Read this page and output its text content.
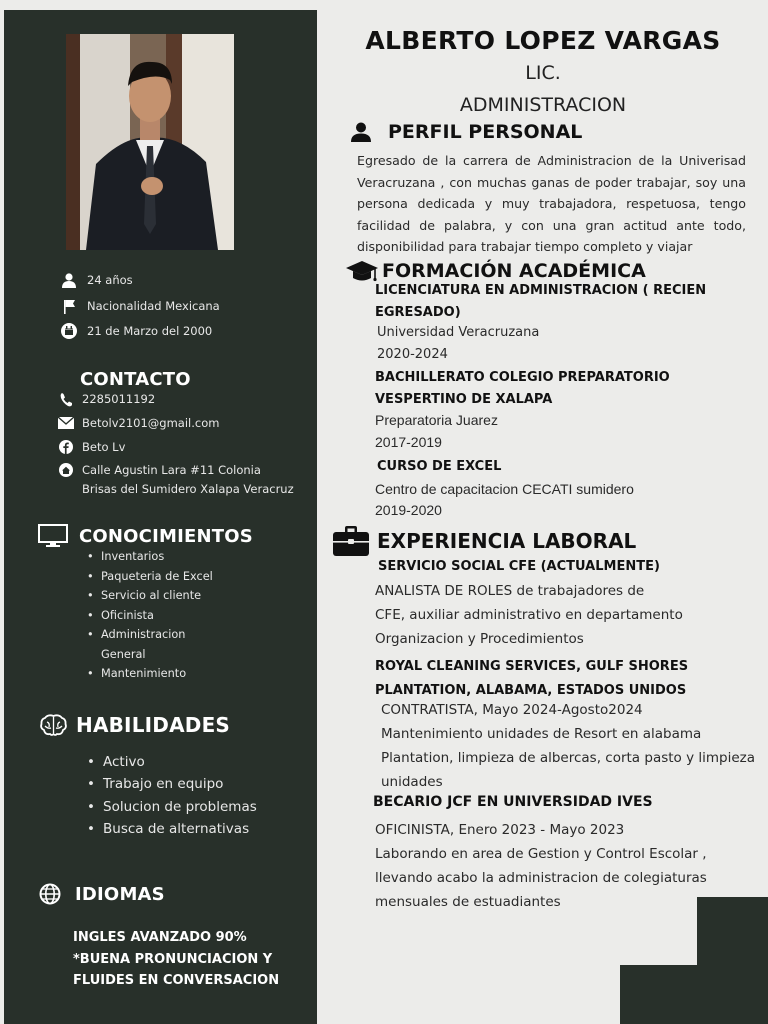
24 años
Nacionalidad Mexicana
21 de Marzo del 2000
CONTACTO
2285011192
Betolv2101@gmail.com
Beto Lv
Calle Agustin Lara #11 Colonia Brisas del Sumidero Xalapa Veracruz
CONOCIMIENTOS
• Inventarios
• Paqueteria de Excel
• Servicio al cliente
• Oficinista
• Administracion General
• Mantenimiento
HABILIDADES
• Activo
• Trabajo en equipo
• Solucion de problemas
• Busca de alternativas
IDIOMAS
INGLES AVANZADO 90%
*BUENA PRONUNCIACION Y FLUIDES EN CONVERSACION
ALBERTO LOPEZ VARGAS
LIC.
ADMINISTRACION
PERFIL PERSONAL
Egresado de la carrera de Administracion de la Univerisad Veracruzana , con muchas ganas de poder trabajar, soy una persona dedicada y muy trabajadora, respetuosa, tengo facilidad de palabra, y con una gran actitud ante todo, disponibilidad para trabajar tiempo completo y viajar
FORMACIÓN ACADÉMICA
LICENCIATURA EN ADMINISTRACION ( RECIEN EGRESADO)
Universidad Veracruzana
2020-2024
BACHILLERATO COLEGIO PREPARATORIO VESPERTINO DE XALAPA
Preparatoria Juarez
2017-2019
CURSO DE EXCEL
Centro de capacitacion CECATI sumidero
2019-2020
EXPERIENCIA LABORAL
SERVICIO SOCIAL CFE (ACTUALMENTE)
ANALISTA DE ROLES de trabajadores de
CFE, auxiliar administrativo en departamento
Organizacion y Procedimientos
ROYAL CLEANING SERVICES, GULF SHORES
PLANTATION, ALABAMA, ESTADOS UNIDOS
CONTRATISTA, Mayo 2024-Agosto2024
Mantenimiento unidades de Resort en alabama
Plantation, limpieza de albercas, corta pasto y limpieza
unidades
BECARIO JCF EN UNIVERSIDAD IVES
OFICINISTA, Enero 2023 - Mayo 2023
Laborando en area de Gestion y Control Escolar ,
llevando acabo la administracion de colegiaturas
mensuales de estuadiantes
